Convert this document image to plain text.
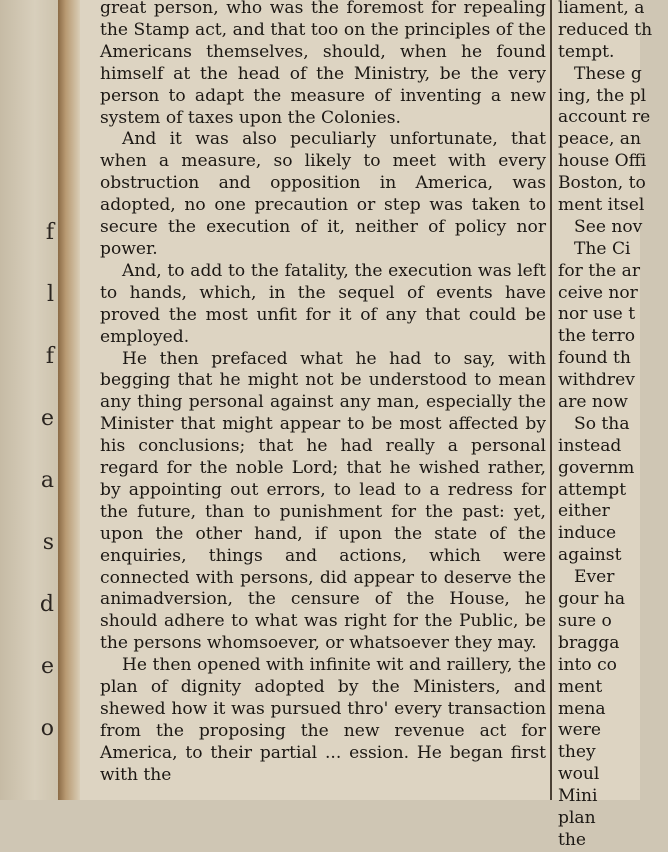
f
l
f
e
a
s
d
e
o

great person, who was the foremost for repealing the Stamp act, and that too on the principles of the Americans themselves, should, when he found himself at the head of the Ministry, be the very person to adapt the measure of inventing a new system of taxes upon the Colonies.

And it was also peculiarly unfortunate, that when a measure, so likely to meet with every obstruction and opposition in America, was adopted, no one precaution or step was taken to secure the execution of it, neither of policy nor power.

And, to add to the fatality, the execution was left to hands, which, in the sequel of events have proved the most unfit for it of any that could be employed.

He then prefaced what he had to say, with begging that he might not be understood to mean any thing personal against any man, especially the Minister that might appear to be most affected by his conclusions; that he had really a personal regard for the noble Lord; that he wished rather, by appointing out errors, to lead to a redress for the future, than to punishment for the past: yet, upon the other hand, if upon the state of the enquiries, things and actions, which were connected with persons, did appear to deserve the animadversion, the censure of the House, he should adhere to what was right for the Public, be the persons whomsoever, or whatsoever they may.

He then opened with infinite wit and raillery, the plan of dignity adopted by the Ministers, and shewed how it was pursued thro' every transaction from the proposing the new revenue act for America, to their partial ... ession. He began first with the

liament, a
reduced th
tempt.
These g
ing, the pl
account re
peace, an
house Offi
Boston, to
ment itsel
See nov
The Ci
for the ar
ceive nor
nor use t
the terro
found th
withdrev
are now
So tha
instead
governm
attempt
either
induce
against
Ever
gour ha
sure o
bragga
into co
ment
mena
were
they
woul
Mini
plan
the
